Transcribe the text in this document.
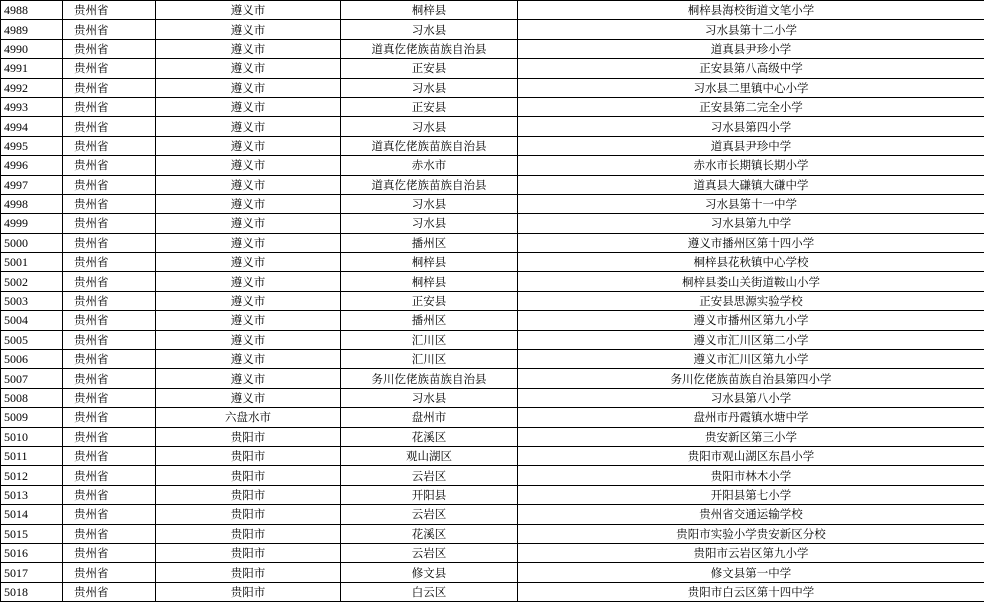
4988	贵州省	遵义市	桐梓县	桐梓县海校街道文笔小学
4989	贵州省	遵义市	习水县	习水县第十二小学
4990	贵州省	遵义市	道真仡佬族苗族自治县	道真县尹珍小学
4991	贵州省	遵义市	正安县	正安县第八高级中学
4992	贵州省	遵义市	习水县	习水县二里镇中心小学
4993	贵州省	遵义市	正安县	正安县第二完全小学
4994	贵州省	遵义市	习水县	习水县第四小学
4995	贵州省	遵义市	道真仡佬族苗族自治县	道真县尹珍中学
4996	贵州省	遵义市	赤水市	赤水市长期镇长期小学
4997	贵州省	遵义市	道真仡佬族苗族自治县	道真县大磏镇大磏中学
4998	贵州省	遵义市	习水县	习水县第十一中学
4999	贵州省	遵义市	习水县	习水县第九中学
5000	贵州省	遵义市	播州区	遵义市播州区第十四小学
5001	贵州省	遵义市	桐梓县	桐梓县花秋镇中心学校
5002	贵州省	遵义市	桐梓县	桐梓县娄山关街道鞍山小学
5003	贵州省	遵义市	正安县	正安县思源实验学校
5004	贵州省	遵义市	播州区	遵义市播州区第九小学
5005	贵州省	遵义市	汇川区	遵义市汇川区第二小学
5006	贵州省	遵义市	汇川区	遵义市汇川区第九小学
5007	贵州省	遵义市	务川仡佬族苗族自治县	务川仡佬族苗族自治县第四小学
5008	贵州省	遵义市	习水县	习水县第八小学
5009	贵州省	六盘水市	盘州市	盘州市丹霞镇水塘中学
5010	贵州省	贵阳市	花溪区	贵安新区第三小学
5011	贵州省	贵阳市	观山湖区	贵阳市观山湖区东昌小学
5012	贵州省	贵阳市	云岩区	贵阳市林木小学
5013	贵州省	贵阳市	开阳县	开阳县第七小学
5014	贵州省	贵阳市	云岩区	贵州省交通运输学校
5015	贵州省	贵阳市	花溪区	贵阳市实验小学贵安新区分校
5016	贵州省	贵阳市	云岩区	贵阳市云岩区第九小学
5017	贵州省	贵阳市	修文县	修文县第一中学
5018	贵州省	贵阳市	白云区	贵阳市白云区第十四中学
